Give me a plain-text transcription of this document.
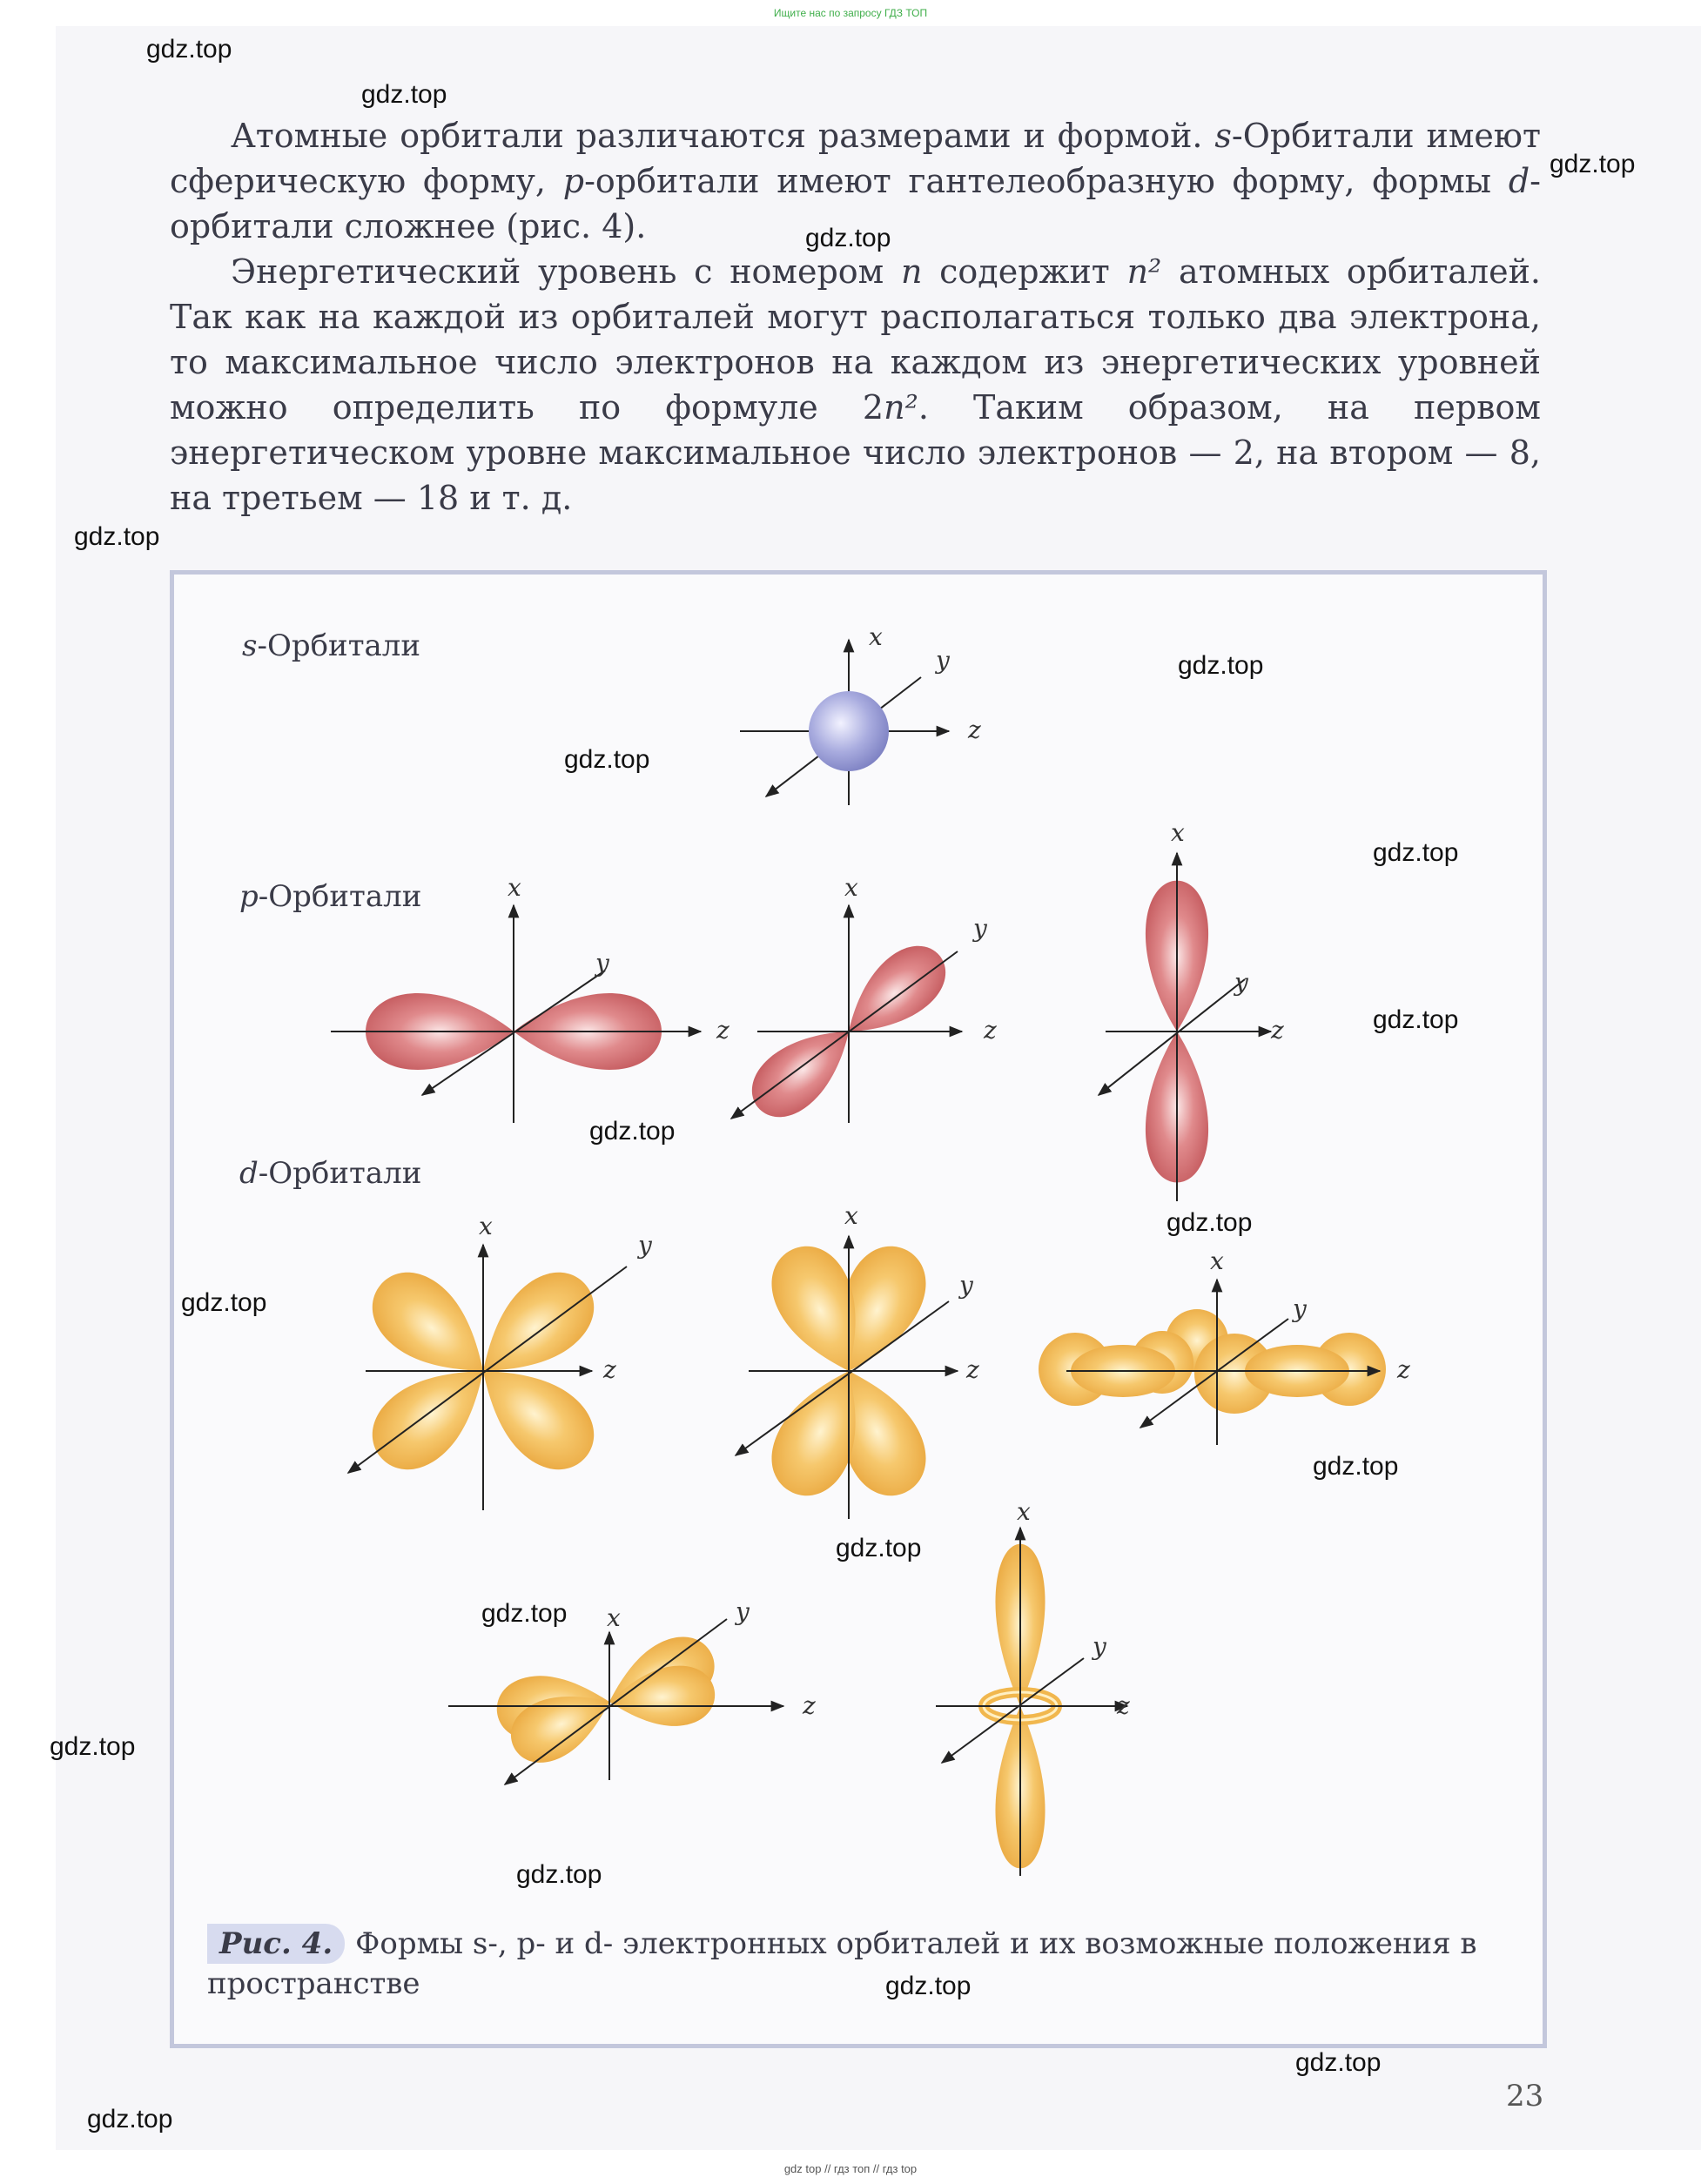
Ищите нас по запросу ГДЗ ТОП

Атомные орбитали различаются размерами и формой. s-Орбитали имеют сферическую форму, p-орбитали имеют гантелеобразную форму, формы d-орбитали сложнее (рис. 4).

Энергетический уровень с номером n содержит n² атомных орбиталей. Так как на каждой из орбиталей могут располагаться только два электрона, то максимальное число электронов на каждом из энергетических уровней можно определить по формуле 2n². Таким образом, на первом энергетическом уровне максимальное число электронов — 2, на втором — 8, на третьем — 18 и т. д.

s-Орбитали
p-Орбитали
d-Орбитали
x
y
z
x
y
z
x
y
z
x
y
z
x
y
z
x
y
z
x
y
z
x	y
z
x
y
z
Рис. 4. Формы s-, p- и d- электронных орбиталей и их возможные положения в пространстве
23
gdz.top
gdz.top
gdz.top
gdz.top
gdz.top
gdz.top
gdz.top
gdz.top
gdz.top
gdz.top
gdz.top
gdz.top
gdz.top
gdz.top
gdz.top
gdz.top
gdz.top
gdz.top
gdz.top
gdz.top
gdz top // гдз топ // гдз top
